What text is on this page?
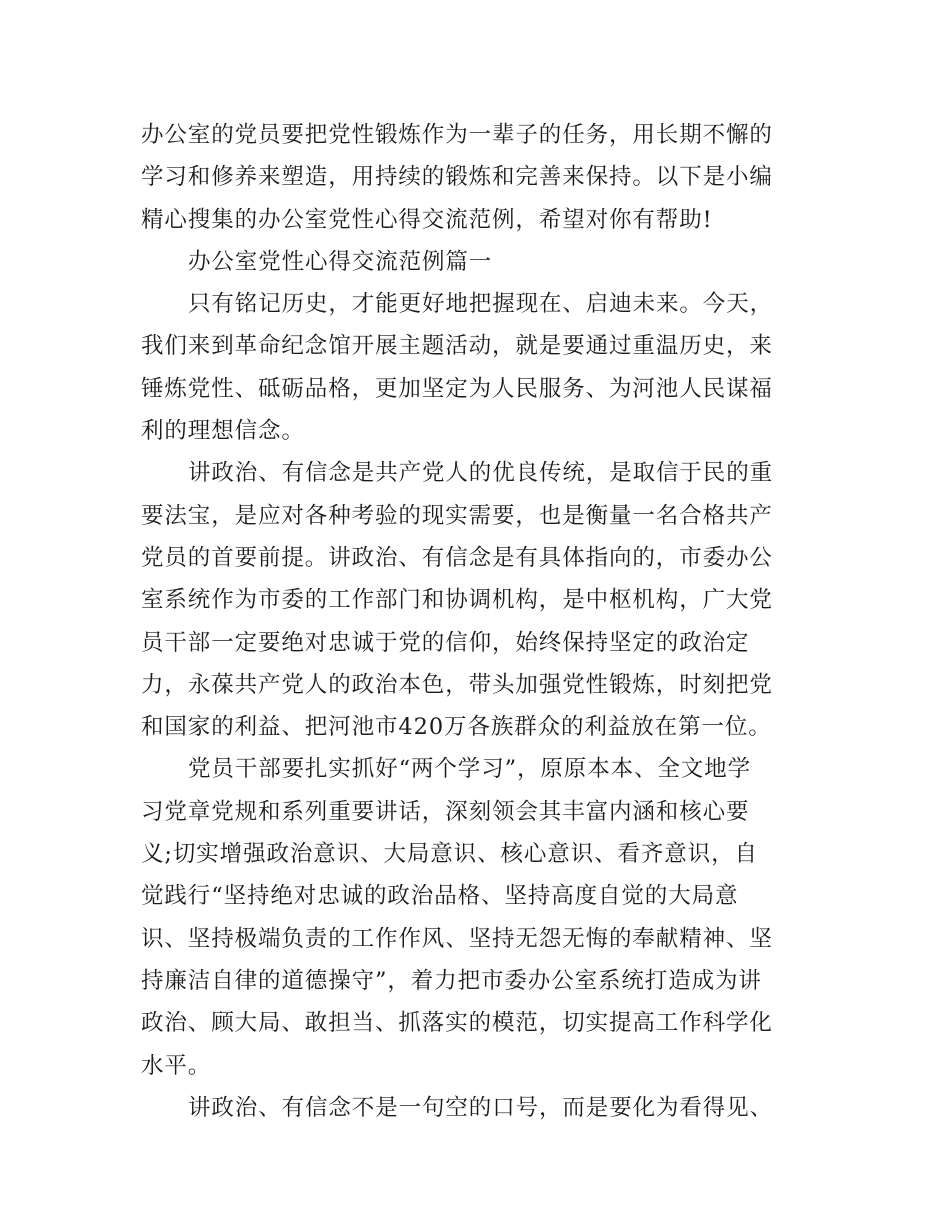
办公室的党员要把党性锻炼作为一辈子的任务，用长期不懈的
学习和修养来塑造，用持续的锻炼和完善来保持。以下是小编
精心搜集的办公室党性心得交流范例，希望对你有帮助!
办公室党性心得交流范例篇一
只有铭记历史，才能更好地把握现在、启迪未来。今天，
我们来到革命纪念馆开展主题活动，就是要通过重温历史，来
锤炼党性、砥砺品格，更加坚定为人民服务、为河池人民谋福
利的理想信念。
讲政治、有信念是共产党人的优良传统，是取信于民的重
要法宝，是应对各种考验的现实需要，也是衡量一名合格共产
党员的首要前提。讲政治、有信念是有具体指向的，市委办公
室系统作为市委的工作部门和协调机构，是中枢机构，广大党
员干部一定要绝对忠诚于党的信仰，始终保持坚定的政治定
力，永葆共产党人的政治本色，带头加强党性锻炼，时刻把党
和国家的利益、把河池市420万各族群众的利益放在第一位。
党员干部要扎实抓好“两个学习”，原原本本、全文地学
习党章党规和系列重要讲话，深刻领会其丰富内涵和核心要
义;切实增强政治意识、大局意识、核心意识、看齐意识，自
觉践行“坚持绝对忠诚的政治品格、坚持高度自觉的大局意
识、坚持极端负责的工作作风、坚持无怨无悔的奉献精神、坚
持廉洁自律的道德操守”，着力把市委办公室系统打造成为讲
政治、顾大局、敢担当、抓落实的模范，切实提高工作科学化
水平。
讲政治、有信念不是一句空的口号，而是要化为看得见、
